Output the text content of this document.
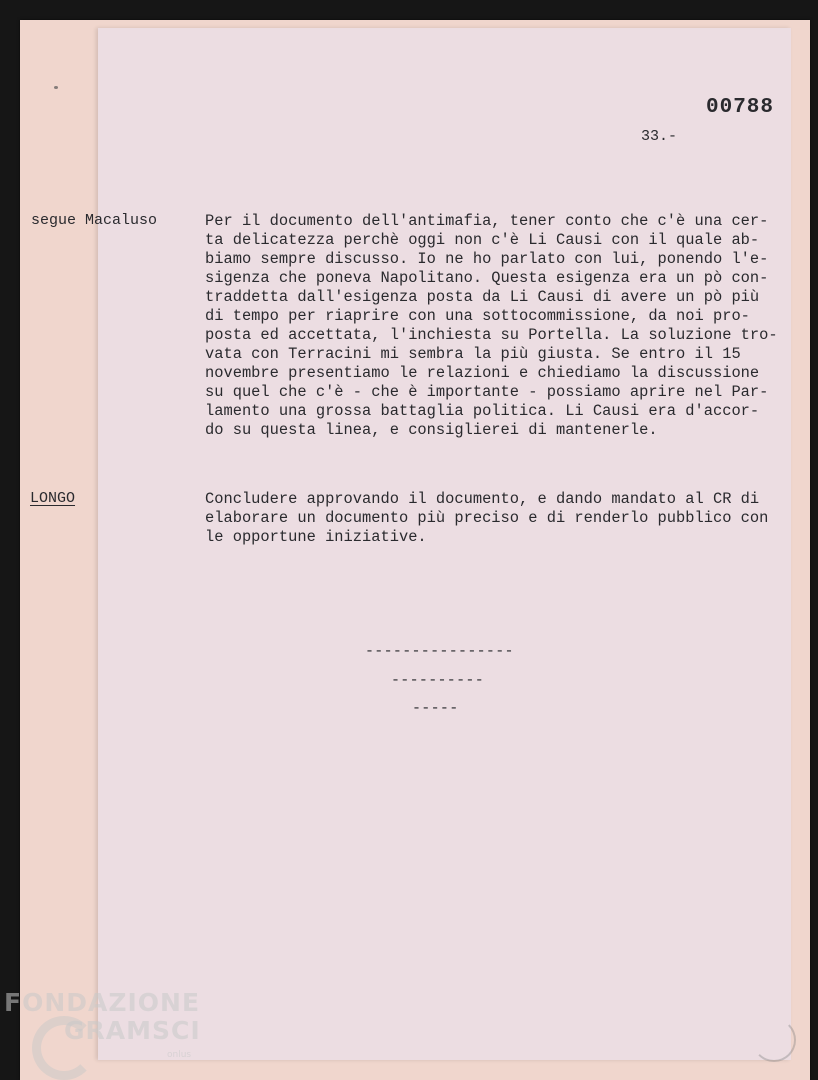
00788
33.-
segue Macaluso	Per il documento dell'antimafia, tener conto che c'è una cer-
ta delicatezza perchè oggi non c'è Li Causi con il quale ab-
biamo sempre discusso. Io ne ho parlato con lui, ponendo l'e-
sigenza che poneva Napolitano. Questa esigenza era un pò con-
traddetta dall'esigenza posta da Li Causi di avere un pò più
di tempo per riaprire con una sottocommissione, da noi pro-
posta ed accettata, l'inchiesta su Portella. La soluzione tro-
vata con Terracini mi sembra la più giusta. Se entro il 15
novembre presentiamo le relazioni e chiediamo la discussione
su quel che c'è - che è importante - possiamo aprire nel Par-
lamento una grossa battaglia politica. Li Causi era d'accor-
do su questa linea, e consiglierei di mantenerle.
LONGO	Concludere approvando il documento, e dando mandato al CR di
elaborare un documento più preciso e di renderlo pubblico con
le opportune iniziative.
----------------
----------
-----
FONDAZIONE
GRAMSCI
onlus
